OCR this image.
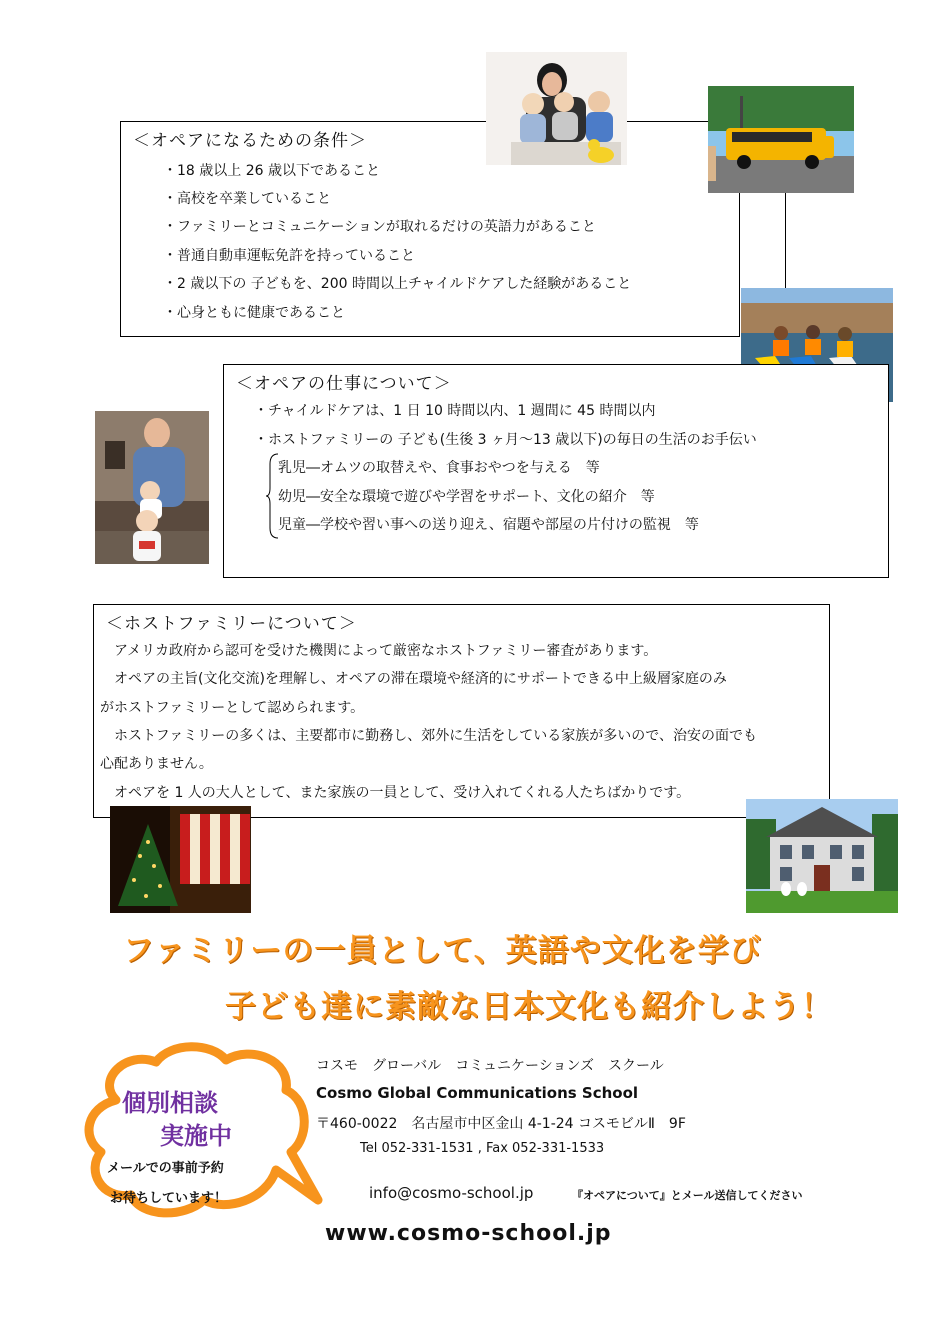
＜オペアになるための条件＞
・18 歳以上 26 歳以下であること
・高校を卒業していること
・ファミリーとコミュニケーションが取れるだけの英語力があること
・普通自動車運転免許を持っていること
・2 歳以下の 子どもを、200 時間以上チャイルドケアした経験があること
・心身ともに健康であること
＜オペアの仕事について＞
・チャイルドケアは、1 日 10 時間以内、1 週間に 45 時間以内
・ホストファミリーの 子ども(生後 3 ヶ月〜13 歳以下)の毎日の生活のお手伝い
乳児―オムツの取替えや、食事おやつを与える　等
幼児―安全な環境で遊びや学習をサポート、文化の紹介　等
児童―学校や習い事への送り迎え、宿題や部屋の片付けの監視　等
＜ホストファミリーについて＞
　アメリカ政府から認可を受けた機関によって厳密なホストファミリー審査があります。
　オペアの主旨(文化交流)を理解し、オペアの滞在環境や経済的にサポートできる中上級層家庭のみ
がホストファミリーとして認められます。
　ホストファミリーの多くは、主要都市に勤務し、郊外に生活をしている家族が多いので、治安の面でも
心配ありません。
　オペアを 1 人の大人として、また家族の一員として、受け入れてくれる人たちばかりです。
ファミリーの一員として、英語や文化を学び
子ども達に素敵な日本文化も紹介しよう！
個別相談
実施中
メールでの事前予約
お待ちしています！
コスモ　グローバル　コミュニケーションズ　スクール
Cosmo Global Communications School
〒460-0022　名古屋市中区金山 4-1-24 コスモビルⅡ　9F
Tel 052-331-1531 , Fax 052-331-1533
info@cosmo-school.jp	『オペアについて』とメール送信してください
www.cosmo-school.jp
